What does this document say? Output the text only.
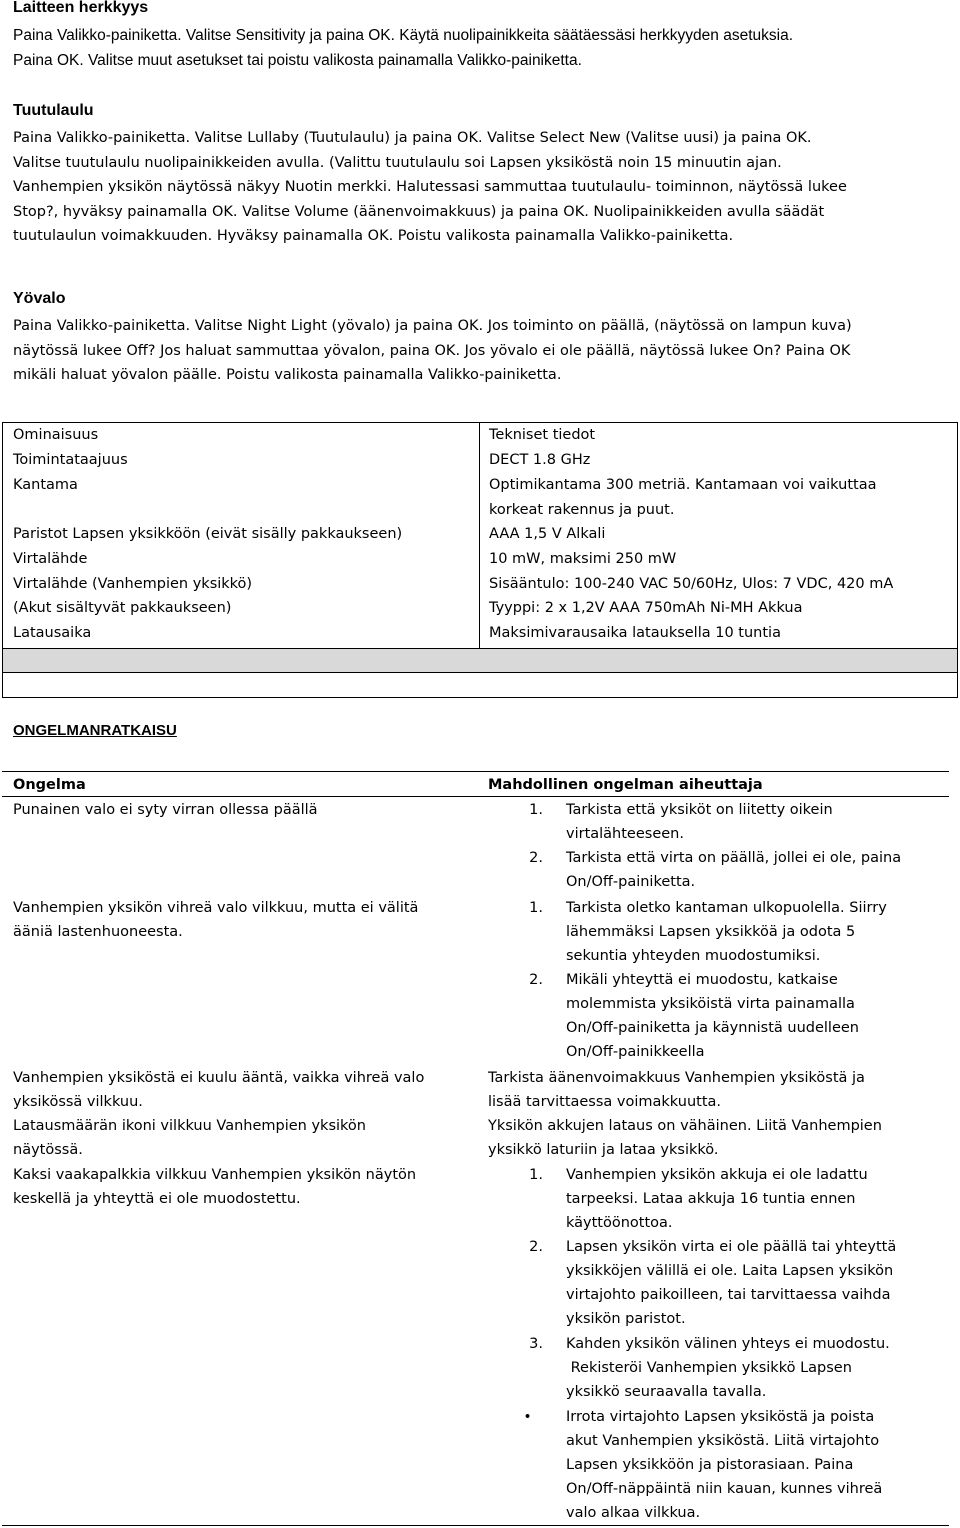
Laitteen herkkyys
Paina Valikko-painiketta. Valitse Sensitivity ja paina OK. Käytä nuolipainikkeita säätäessäsi herkkyyden asetuksia.
Paina OK. Valitse muut asetukset tai poistu valikosta painamalla Valikko-painiketta.
Tuutulaulu
Paina Valikko-painiketta. Valitse Lullaby (Tuutulaulu) ja paina OK. Valitse Select New (Valitse uusi) ja paina OK.
Valitse tuutulaulu nuolipainikkeiden avulla. (Valittu tuutulaulu soi Lapsen yksiköstä noin 15 minuutin ajan.
Vanhempien yksikön näytössä näkyy Nuotin merkki. Halutessasi sammuttaa tuutulaulu- toiminnon, näytössä lukee
Stop?, hyväksy painamalla OK. Valitse Volume (äänenvoimakkuus) ja paina OK. Nuolipainikkeiden avulla säädät
tuutulaulun voimakkuuden. Hyväksy painamalla OK. Poistu valikosta painamalla Valikko-painiketta.
Yövalo
Paina Valikko-painiketta. Valitse Night Light (yövalo) ja paina OK. Jos toiminto on päällä, (näytössä on lampun kuva)
näytössä lukee Off? Jos haluat sammuttaa yövalon, paina OK. Jos yövalo ei ole päällä, näytössä lukee On? Paina OK
mikäli haluat yövalon päälle. Poistu valikosta painamalla Valikko-painiketta.
Ominaisuus
Toimintataajuus
Kantama
Paristot Lapsen yksikköön (eivät sisälly pakkaukseen)
Virtalähde
Virtalähde (Vanhempien yksikkö)
(Akut sisältyvät pakkaukseen)
Latausaika
Tekniset tiedot
DECT 1.8 GHz
Optimikantama 300 metriä. Kantamaan voi vaikuttaa
korkeat rakennus ja puut.
AAA 1,5 V Alkali
10 mW, maksimi 250 mW
Sisääntulo: 100-240 VAC 50/60Hz, Ulos: 7 VDC, 420 mA
Tyyppi: 2 x 1,2V AAA 750mAh Ni-MH Akkua
Maksimivarausaika latauksella 10 tuntia
ONGELMANRATKAISU
Ongelma	Mahdollinen ongelman aiheuttaja
Punainen valo ei syty virran ollessa päällä	1. Tarkista että yksiköt on liitetty oikein
virtalähteeseen.
2. Tarkista että virta on päällä, jollei ei ole, paina
On/Off-painiketta.
Vanhempien yksikön vihreä valo vilkkuu, mutta ei välitä
ääniä lastenhuoneesta.
1. Tarkista oletko kantaman ulkopuolella. Siirry
lähemmäksi Lapsen yksikköä ja odota 5
sekuntia yhteyden muodostumiksi.
2. Mikäli yhteyttä ei muodostu, katkaise
molemmista yksiköistä virta painamalla
On/Off-painiketta ja käynnistä uudelleen
On/Off-painikkeella
Vanhempien yksiköstä ei kuulu ääntä, vaikka vihreä valo
yksikössä vilkkuu.
Tarkista äänenvoimakkuus Vanhempien yksiköstä ja
lisää tarvittaessa voimakkuutta.
Latausmäärän ikoni vilkkuu Vanhempien yksikön
näytössä.
Yksikön akkujen lataus on vähäinen. Liitä Vanhempien
yksikkö laturiin ja lataa yksikkö.
Kaksi vaakapalkkia vilkkuu Vanhempien yksikön näytön
keskellä ja yhteyttä ei ole muodostettu.
1. Vanhempien yksikön akkuja ei ole ladattu
tarpeeksi. Lataa akkuja 16 tuntia ennen
käyttöönottoa.
2. Lapsen yksikön virta ei ole päällä tai yhteyttä
yksikköjen välillä ei ole. Laita Lapsen yksikön
virtajohto paikoilleen, tai tarvittaessa vaihda
yksikön paristot.
3. Kahden yksikön välinen yhteys ei muodostu.
Rekisteröi Vanhempien yksikkö Lapsen
yksikkö seuraavalla tavalla.
• Irrota virtajohto Lapsen yksiköstä ja poista
akut Vanhempien yksiköstä. Liitä virtajohto
Lapsen yksikköön ja pistorasiaan. Paina
On/Off-näppäintä niin kauan, kunnes vihreä
valo alkaa vilkkua.
